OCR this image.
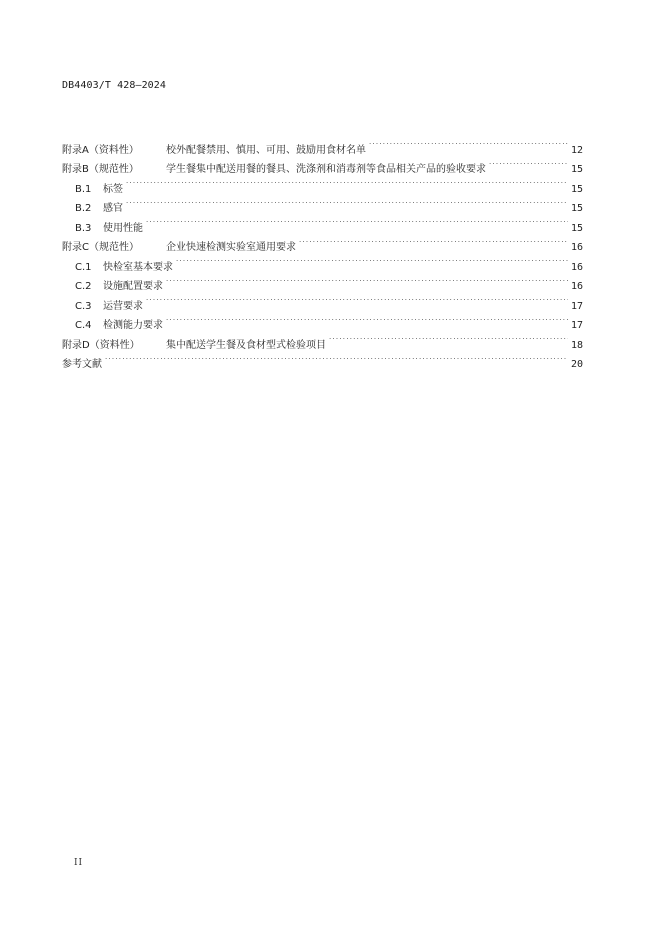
DB4403/T 428—2024
附录A（资料性）	校外配餐禁用、慎用、可用、鼓励用食材名单 . . .	12
附录B（规范性）	学生餐集中配送用餐的餐具、洗涤剂和消毒剂等食品相关产品的验收要求 . . .	15
B.1	标签 . . .	15
B.2	感官 . . .	15
B.3	使用性能 . . .	15
附录C（规范性）	企业快速检测实验室通用要求 . . .	16
C.1	快检室基本要求 . . .	16
C.2	设施配置要求 . . .	16
C.3	运营要求 . . .	17
C.4	检测能力要求 . . .	17
附录D（资料性）	集中配送学生餐及食材型式检验项目 . . .	18
参考文献 . . .	20
II
